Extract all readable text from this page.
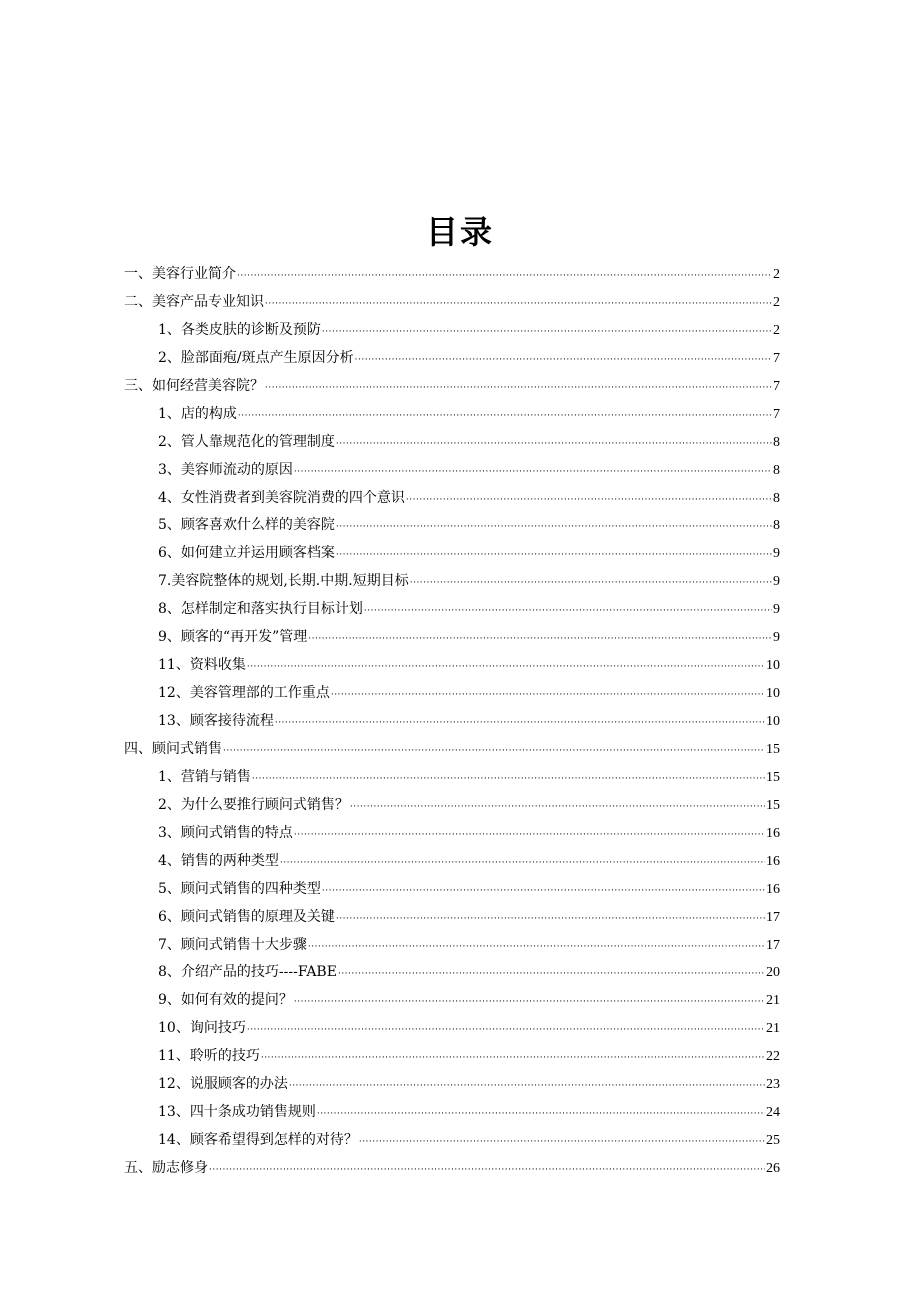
目录
一、美容行业简介 ·····	2
二、美容产品专业知识 ·····	2
1、各类皮肤的诊断及预防 ·····	2
2、脸部面疱/斑点产生原因分析 ·····	7
三、如何经营美容院？ ·····	7
1、店的构成 ·····	7
2、管人靠规范化的管理制度 ·····	8
3、美容师流动的原因 ·····	8
4、女性消费者到美容院消费的四个意识 ·····	8
5、顾客喜欢什么样的美容院 ·····	8
6、如何建立并运用顾客档案 ·····	9
7.美容院整体的规划,长期.中期.短期目标 ·····	9
8、怎样制定和落实执行目标计划 ·····	9
9、顾客的“再开发”管理 ·····	9
11、资料收集 ·····	10
12、美容管理部的工作重点 ·····	10
13、顾客接待流程 ·····	10
四、顾问式销售 ·····	15
1、营销与销售 ·····	15
2、为什么要推行顾问式销售？ ·····	15
3、顾问式销售的特点 ·····	16
4、销售的两种类型 ·····	16
5、顾问式销售的四种类型 ·····	16
6、顾问式销售的原理及关键 ·····	17
7、顾问式销售十大步骤 ·····	17
8、介绍产品的技巧----FABE ·····	20
9、如何有效的提问？ ·····	21
10、询问技巧 ·····	21
11、聆听的技巧 ·····	22
12、说服顾客的办法 ·····	23
13、四十条成功销售规则 ·····	24
14、顾客希望得到怎样的对待？ ·····	25
五、励志修身 ·····	26
